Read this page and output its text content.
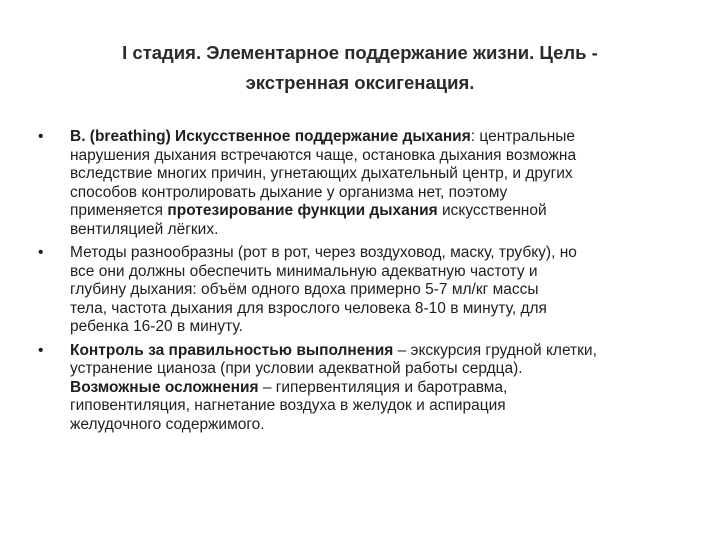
I стадия. Элементарное поддержание жизни. Цель -
экстренная оксигенация.
•	B. (breathing) Искусственное поддержание дыхания: центральные
нарушения дыхания встречаются чаще, остановка дыхания возможна
вследствие многих причин, угнетающих дыхательный центр, и других
способов контролировать дыхание у организма нет, поэтому
применяется протезирование функции дыхания искусственной
вентиляцией лёгких.
•	Методы разнообразны (рот в рот, через воздуховод, маску, трубку), но
все они должны обеспечить минимальную адекватную частоту и
глубину дыхания: объём одного вдоха примерно 5-7 мл/кг массы
тела, частота дыхания для взрослого человека 8-10 в минуту, для
ребенка 16-20 в минуту.
•	Контроль за правильностью выполнения – экскурсия грудной клетки,
устранение цианоза (при условии адекватной работы сердца).
Возможные осложнения – гипервентиляция и баротравма,
гиповентиляция, нагнетание воздуха в желудок и аспирация
желудочного содержимого.
